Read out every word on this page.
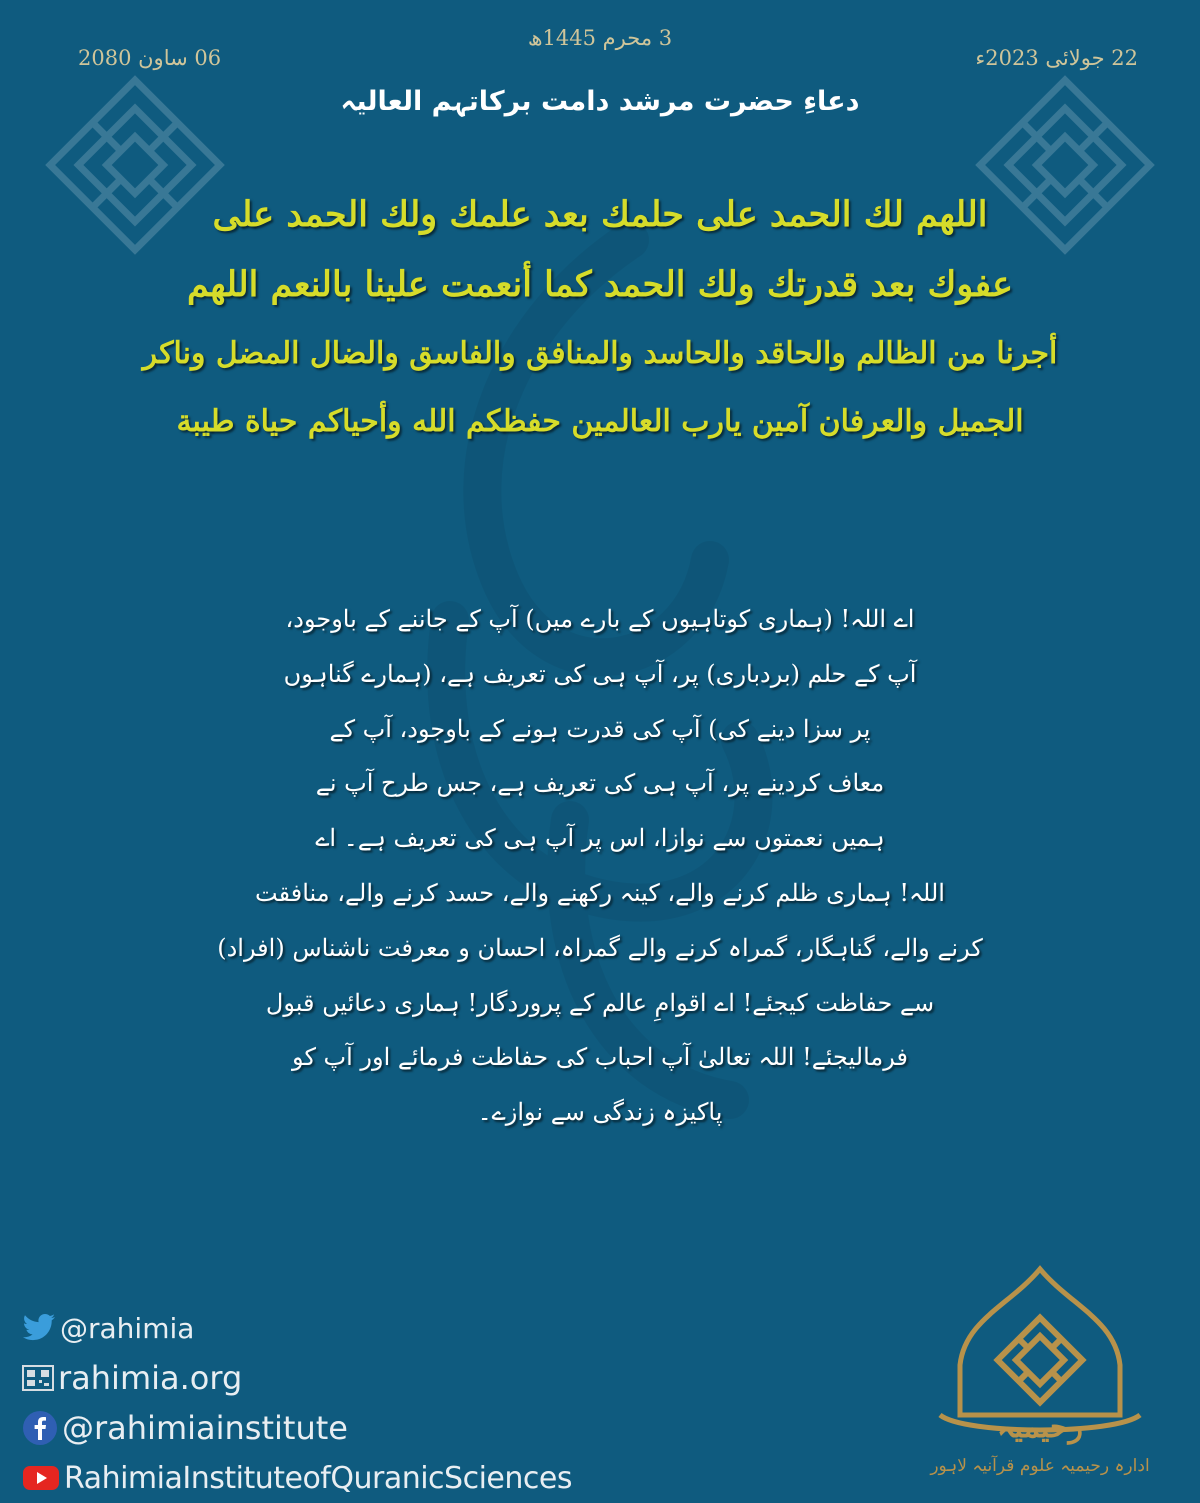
3 محرم 1445ھ
22 جولائی 2023ء
06 ساون 2080
دعاءِ حضرت مرشد دامت برکاتہم العالیہ
اللهم لك الحمد على حلمك بعد علمك ولك الحمد على
عفوك بعد قدرتك ولك الحمد كما أنعمت علينا بالنعم اللهم
أجرنا من الظالم والحاقد والحاسد والمنافق والفاسق والضال المضل وناكر
الجميل والعرفان آمين يارب العالمين حفظكم الله وأحياكم حياة طيبة
اے اللہ! (ہماری کوتاہیوں کے بارے میں) آپ کے جاننے کے باوجود،
آپ کے حلم (بردباری) پر، آپ ہی کی تعریف ہے، (ہمارے گناہوں
پر سزا دینے کی) آپ کی قدرت ہونے کے باوجود، آپ کے
معاف کردینے پر، آپ ہی کی تعریف ہے، جس طرح آپ نے
ہمیں نعمتوں سے نوازا، اس پر آپ ہی کی تعریف ہے۔ اے
اللہ! ہماری ظلم کرنے والے، کینہ رکھنے والے، حسد کرنے والے، منافقت
کرنے والے، گناہگار، گمراہ کرنے والے گمراہ، احسان و معرفت ناشناس (افراد)
سے حفاظت کیجئے! اے اقوامِ عالم کے پروردگار! ہماری دعائیں قبول
فرمالیجئے! اللہ تعالیٰ آپ احباب کی حفاظت فرمائے اور آپ کو
پاکیزہ زندگی سے نوازے۔
@rahimia
rahimia.org
@rahimiainstitute
RahimiaInstituteofQuranicSciences
رحیمیہ
ادارہ رحیمیہ علوم قرآنیہ لاہور
